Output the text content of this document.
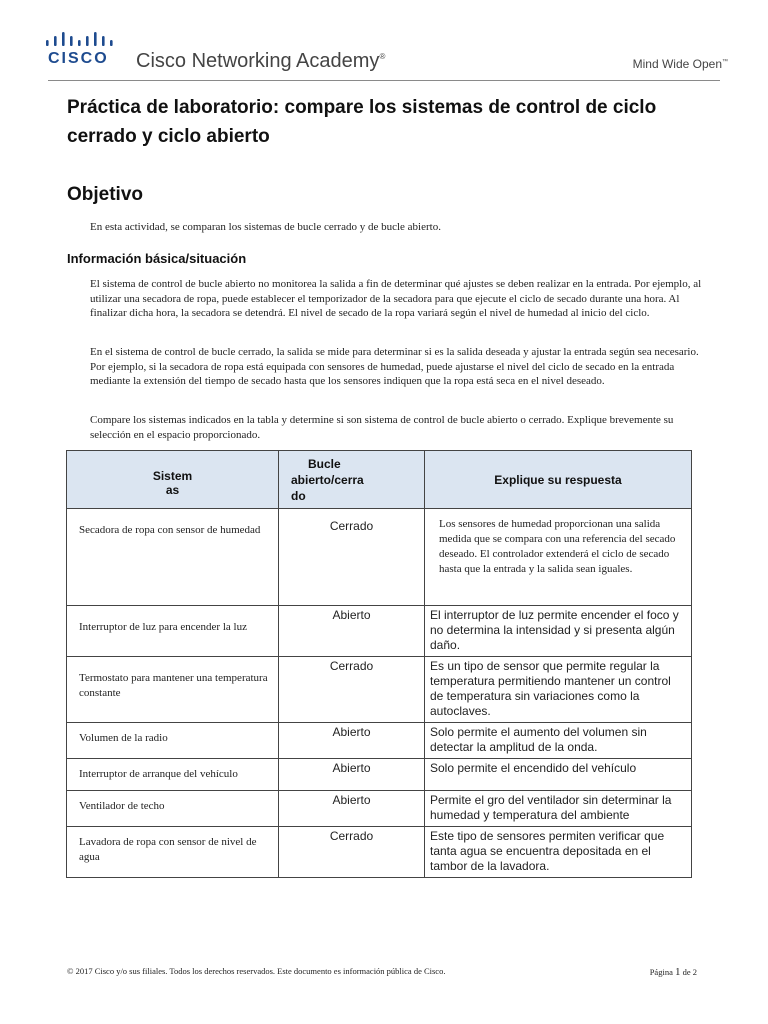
CISCO Cisco Networking Academy®
Mind Wide Open™
Práctica de laboratorio: compare los sistemas de control de ciclo cerrado y ciclo abierto
Objetivo
En esta actividad, se comparan los sistemas de bucle cerrado y de bucle abierto.
Información básica/situación
El sistema de control de bucle abierto no monitorea la salida a fin de determinar qué ajustes se deben realizar en la entrada. Por ejemplo, al utilizar una secadora de ropa, puede establecer el temporizador de la secadora para que ejecute el ciclo de secado durante una hora. Al finalizar dicha hora, la secadora se detendrá. El nivel de secado de la ropa variará según el nivel de humedad al inicio del ciclo.
En el sistema de control de bucle cerrado, la salida se mide para determinar si es la salida deseada y ajustar la entrada según sea necesario. Por ejemplo, si la secadora de ropa está equipada con sensores de humedad, puede ajustarse el nivel del ciclo de secado en la entrada mediante la extensión del tiempo de secado hasta que los sensores indiquen que la ropa está seca en el nivel deseado.
Compare los sistemas indicados en la tabla y determine si son sistema de control de bucle abierto o cerrado. Explique brevemente su selección en el espacio proporcionado.
Sistem
as	Bucle
abierto/cerra
do	Explique su respuesta
Secadora de ropa con sensor de humedad	Cerrado	Los sensores de humedad proporcionan una salida medida que se compara con una referencia del secado deseado. El controlador extenderá el ciclo de secado hasta que la entrada y la salida sean iguales.
Interruptor de luz para encender la luz	Abierto	El interruptor de luz permite encender el foco y no determina la intensidad y si presenta algún daño.
Termostato para mantener una temperatura constante	Cerrado	Es un tipo de sensor que permite regular la temperatura permitiendo mantener un control de temperatura sin variaciones como la autoclaves.
Volumen de la radio	Abierto	Solo permite el aumento del volumen sin detectar la amplitud de la onda.
Interruptor de arranque del vehículo	Abierto	Solo permite el encendido del vehículo
Ventilador de techo	Abierto	Permite el gro del ventilador sin determinar la humedad y temperatura del ambiente
Lavadora de ropa con sensor de nivel de agua	Cerrado	Este tipo de sensores permiten verificar que tanta agua se encuentra depositada en el tambor de la lavadora.
© 2017 Cisco y/o sus filiales. Todos los derechos reservados. Este documento es información pública de Cisco.	Página 1 de 2
